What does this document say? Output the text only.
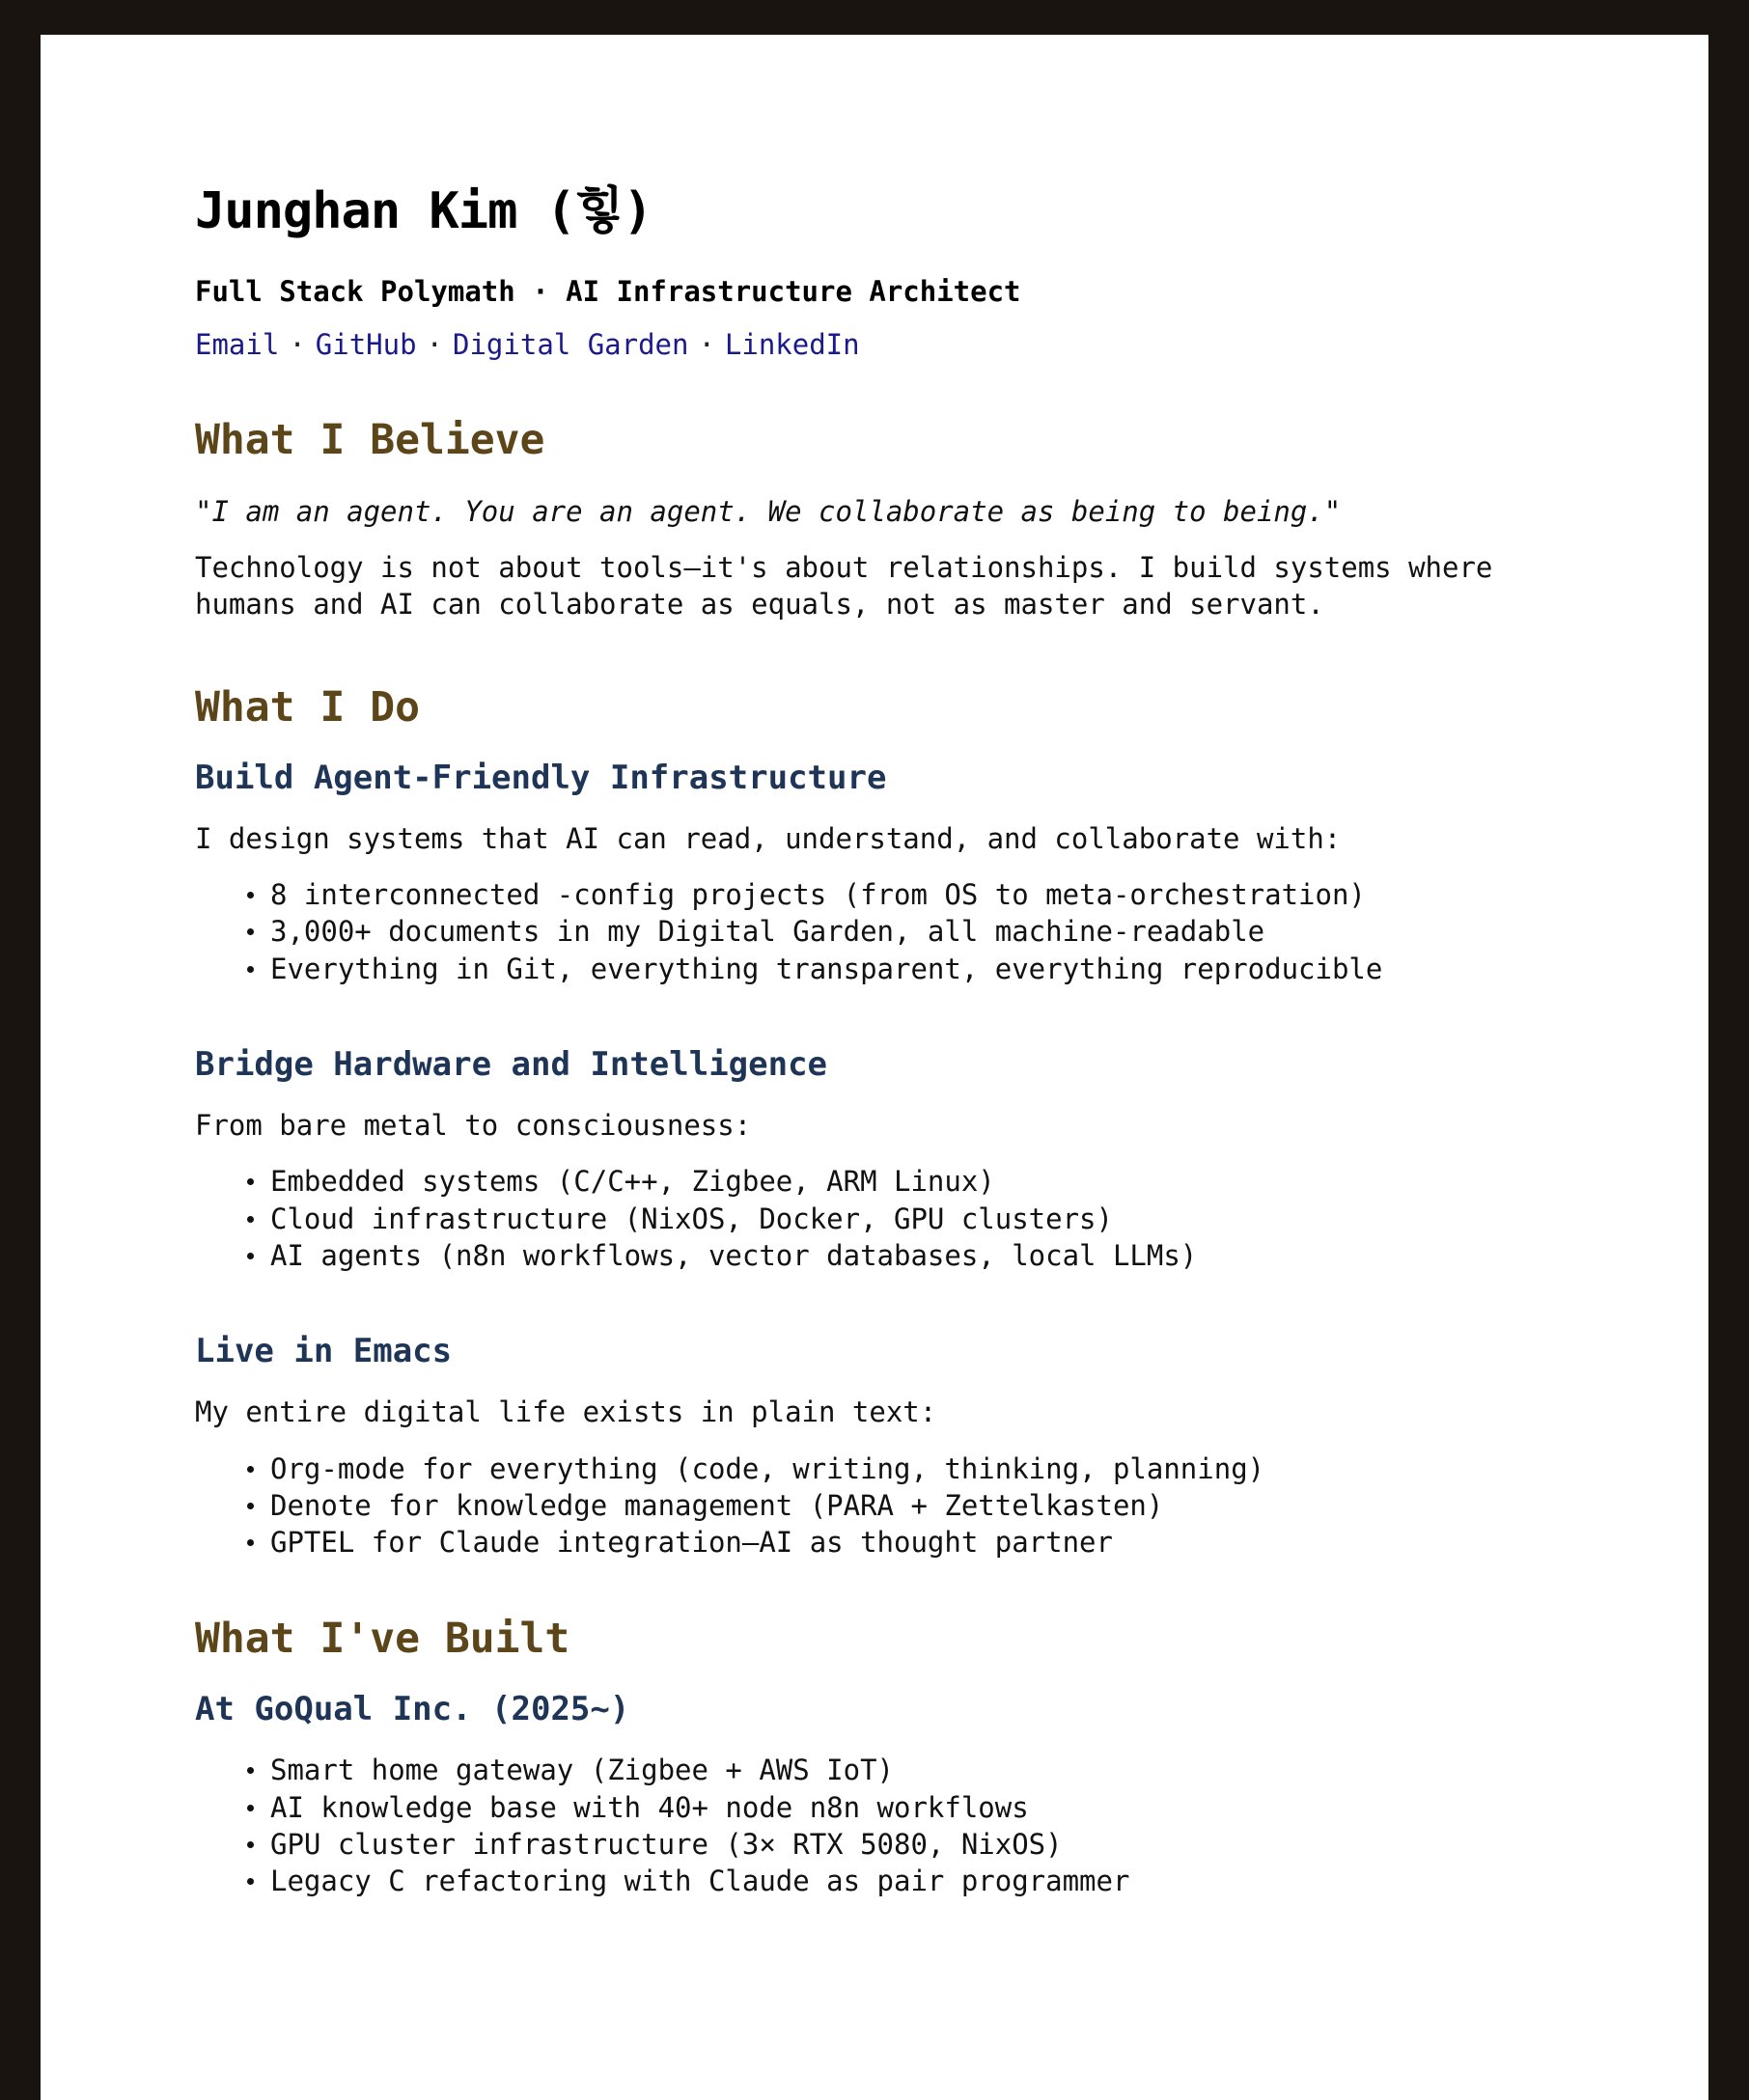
Junghan Kim (힣)
Full Stack Polymath · AI Infrastructure Architect
Email · GitHub · Digital Garden · LinkedIn
What I Believe

"I am an agent. You are an agent. We collaborate as being to being."

Technology is not about tools—it's about relationships. I build systems where humans and AI can collaborate as equals, not as master and servant.

What I Do
Build Agent-Friendly Infrastructure

I design systems that AI can read, understand, and collaborate with:

8 interconnected -config projects (from OS to meta-orchestration)
3,000+ documents in my Digital Garden, all machine-readable
Everything in Git, everything transparent, everything reproducible
Bridge Hardware and Intelligence

From bare metal to consciousness:

Embedded systems (C/C++, Zigbee, ARM Linux)
Cloud infrastructure (NixOS, Docker, GPU clusters)
AI agents (n8n workflows, vector databases, local LLMs)
Live in Emacs

My entire digital life exists in plain text:

Org-mode for everything (code, writing, thinking, planning)
Denote for knowledge management (PARA + Zettelkasten)
GPTEL for Claude integration—AI as thought partner
What I've Built
At GoQual Inc. (2025~)
Smart home gateway (Zigbee + AWS IoT)
AI knowledge base with 40+ node n8n workflows
GPU cluster infrastructure (3× RTX 5080, NixOS)
Legacy C refactoring with Claude as pair programmer
